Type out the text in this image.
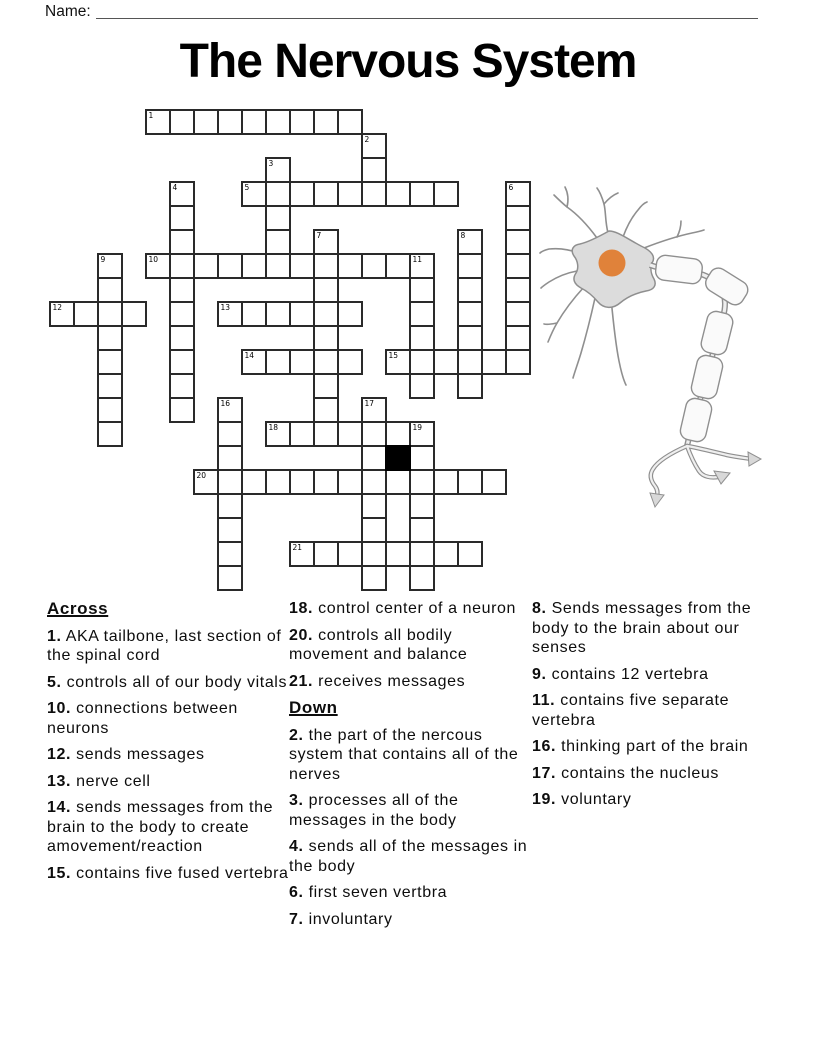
Name:
The Nervous System
1
2
3
4	5	6
7	8
9	10	11
12	13
14	15
16	17
18	19
20
21
Across
1. AKA tailbone, last section of the spinal cord
5. controls all of our body vitals
10. connections between neurons
12. sends messages
13. nerve cell
14. sends messages from the brain to the body to create amovement/reaction
15. contains five fused vertebra
18. control center of a neuron
20. controls all bodily movement and balance
21. receives messages
Down
2. the part of the nercous system that contains all of the nerves
3. processes all of the messages in the body
4. sends all of the messages in the body
6. first seven vertbra
7. involuntary
8. Sends messages from the body to the brain about our senses
9. contains 12 vertebra
11. contains five separate vertebra
16. thinking part of the brain
17. contains the nucleus
19. voluntary
